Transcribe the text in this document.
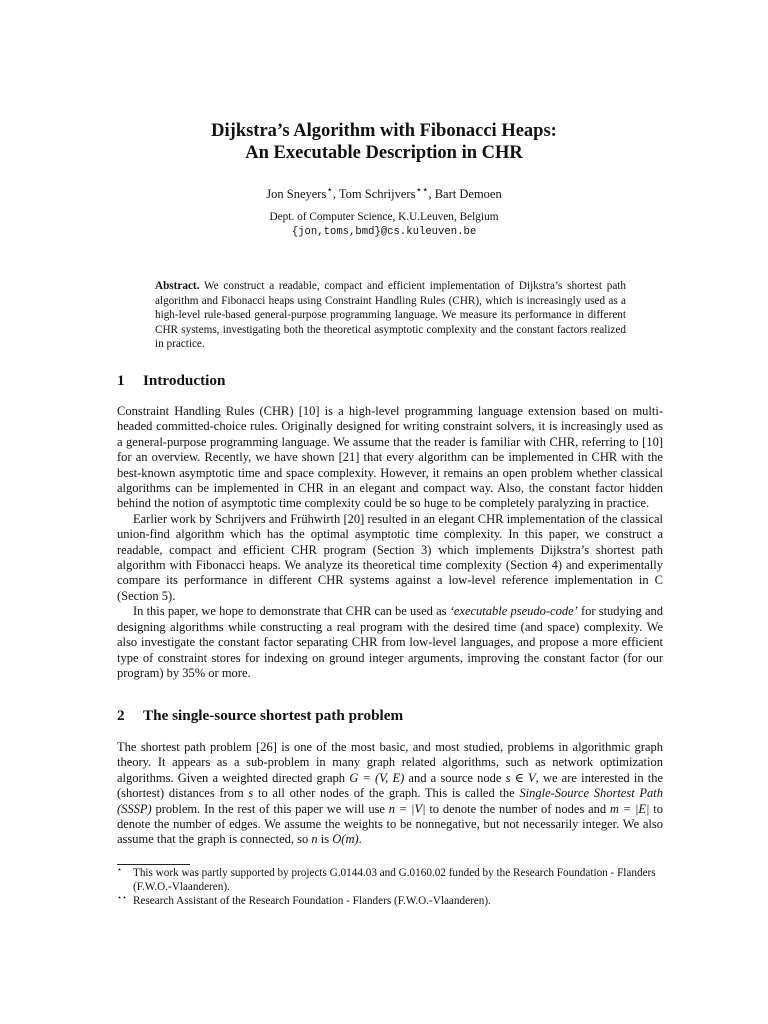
Dijkstra’s Algorithm with Fibonacci Heaps:
An Executable Description in CHR
Jon Sneyers⋆, Tom Schrijvers⋆⋆, Bart Demoen
Dept. of Computer Science, K.U.Leuven, Belgium
{jon,toms,bmd}@cs.kuleuven.be
Abstract. We construct a readable, compact and efficient implementation of Dijkstra’s shortest path algorithm and Fibonacci heaps using Constraint Handling Rules (CHR), which is increasingly used as a high-level rule-based general-purpose programming language. We measure its performance in different CHR systems, investigating both the theoretical asymptotic complexity and the constant factors realized in practice.
1 Introduction

Constraint Handling Rules (CHR) [10] is a high-level programming language extension based on multi-headed committed-choice rules. Originally designed for writing constraint solvers, it is increasingly used as a general-purpose programming language. We assume that the reader is familiar with CHR, referring to [10] for an overview. Recently, we have shown [21] that every algorithm can be implemented in CHR with the best-known asymptotic time and space complexity. However, it remains an open problem whether classical algorithms can be implemented in CHR in an elegant and compact way. Also, the constant factor hidden behind the notion of asymptotic time complexity could be so huge to be completely paralyzing in practice.

Earlier work by Schrijvers and Frühwirth [20] resulted in an elegant CHR implementation of the classical union-find algorithm which has the optimal asymptotic time complexity. In this paper, we construct a readable, compact and efficient CHR program (Section 3) which implements Dijkstra’s shortest path algorithm with Fibonacci heaps. We analyze its theoretical time complexity (Section 4) and experimentally compare its performance in different CHR systems against a low-level reference implementation in C (Section 5).

In this paper, we hope to demonstrate that CHR can be used as ‘executable pseudo-code’ for studying and designing algorithms while constructing a real program with the desired time (and space) complexity. We also investigate the constant factor separating CHR from low-level languages, and propose a more efficient type of constraint stores for indexing on ground integer arguments, improving the constant factor (for our program) by 35% or more.

2 The single-source shortest path problem

The shortest path problem [26] is one of the most basic, and most studied, problems in algorithmic graph theory. It appears as a sub-problem in many graph related algorithms, such as network optimization algorithms. Given a weighted directed graph G = (V, E) and a source node s ∈ V, we are interested in the (shortest) distances from s to all other nodes of the graph. This is called the Single-Source Shortest Path (SSSP) problem. In the rest of this paper we will use n = |V| to denote the number of nodes and m = |E| to denote the number of edges. We assume the weights to be nonnegative, but not necessarily integer. We also assume that the graph is connected, so n is O(m).

⋆ This work was partly supported by projects G.0144.03 and G.0160.02 funded by the Research Foundation - Flanders (F.W.O.-Vlaanderen).
⋆⋆ Research Assistant of the Research Foundation - Flanders (F.W.O.-Vlaanderen).
